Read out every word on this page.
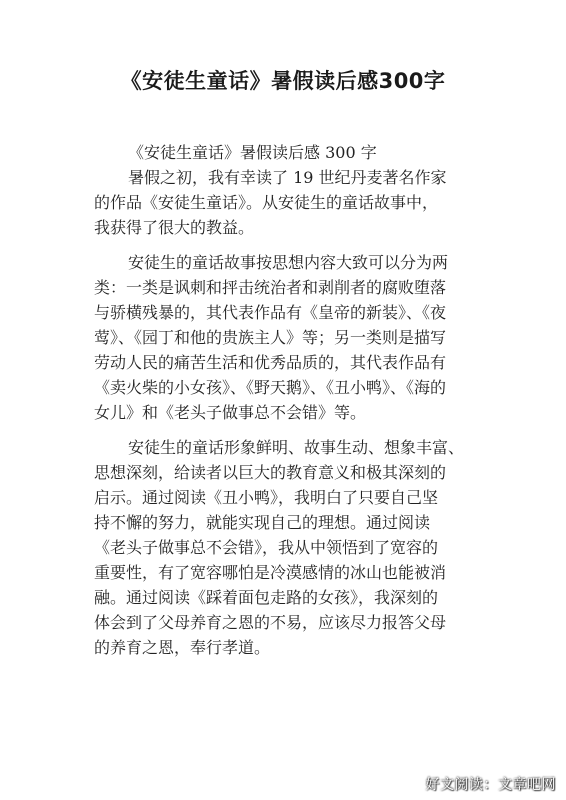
《安徒生童话》暑假读后感300字
《安徒生童话》暑假读后感 300 字
暑假之初，我有幸读了 19 世纪丹麦著名作家
的作品《安徒生童话》。从安徒生的童话故事中，
我获得了很大的教益。
安徒生的童话故事按思想内容大致可以分为两
类：一类是讽刺和抨击统治者和剥削者的腐败堕落
与骄横残暴的，其代表作品有《皇帝的新装》、《夜
莺》、《园丁和他的贵族主人》等；另一类则是描写
劳动人民的痛苦生活和优秀品质的，其代表作品有
《卖火柴的小女孩》、《野天鹅》、《丑小鸭》、《海的
女儿》和《老头子做事总不会错》等。
安徒生的童话形象鲜明、故事生动、想象丰富、
思想深刻，给读者以巨大的教育意义和极其深刻的
启示。通过阅读《丑小鸭》，我明白了只要自己坚
持不懈的努力，就能实现自己的理想。通过阅读
《老头子做事总不会错》，我从中领悟到了宽容的
重要性，有了宽容哪怕是冷漠感情的冰山也能被消
融。通过阅读《踩着面包走路的女孩》，我深刻的
体会到了父母养育之恩的不易，应该尽力报答父母
的养育之恩，奉行孝道。
好文阅读：文章吧网
